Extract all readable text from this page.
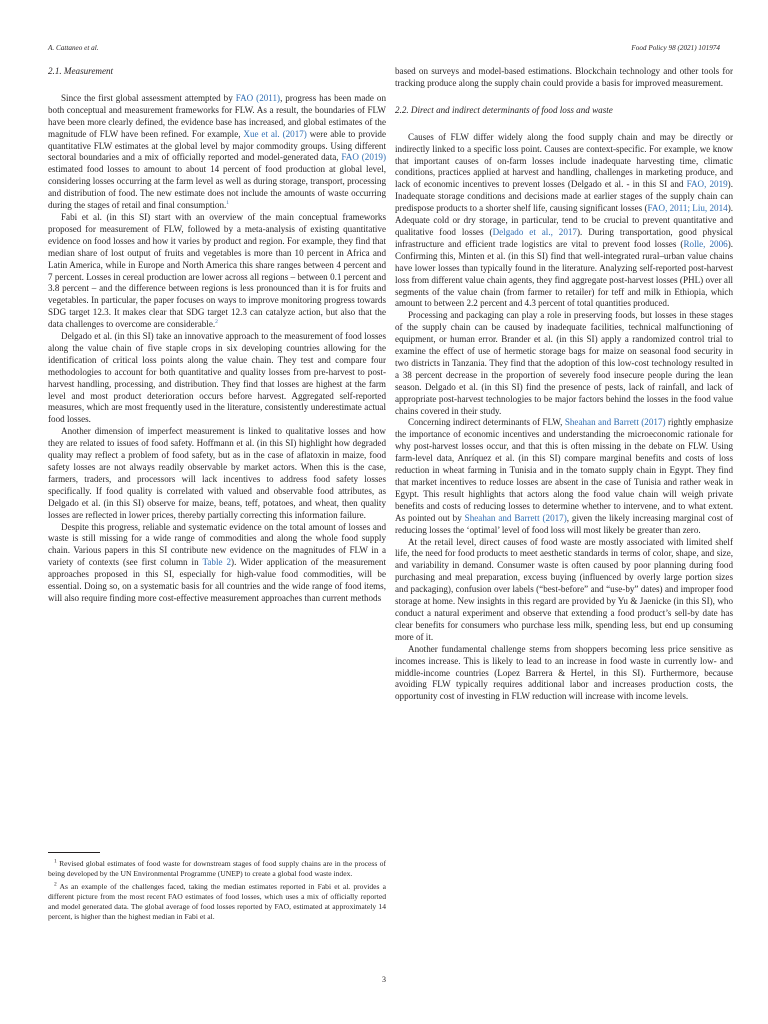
A. Cattaneo et al.	Food Policy 98 (2021) 101974
2.1. Measurement

Since the first global assessment attempted by FAO (2011), progress has been made on both conceptual and measurement frameworks for FLW. As a result, the boundaries of FLW have been more clearly defined, the evidence base has increased, and global estimates of the magnitude of FLW have been refined. For example, Xue et al. (2017) were able to provide quantitative FLW estimates at the global level by major commodity groups. Using different sectoral boundaries and a mix of officially reported and model-generated data, FAO (2019) estimated food losses to amount to about 14 percent of food production at global level, considering losses occurring at the farm level as well as during storage, transport, processing and distribution of food. The new estimate does not include the amounts of waste occurring during the stages of retail and final consumption.$^1$

Fabi et al. (in this SI) start with an overview of the main conceptual frameworks proposed for measurement of FLW, followed by a meta-analysis of existing quantitative evidence on food losses and how it varies by product and region. For example, they find that median share of lost output of fruits and vegetables is more than 10 percent in Africa and Latin America, while in Europe and North America this share ranges between 4 percent and 7 percent. Losses in cereal production are lower across all regions – between 0.1 percent and 3.8 percent – and the difference between regions is less pronounced than it is for fruits and vegetables. In particular, the paper focuses on ways to improve monitoring progress towards SDG target 12.3. It makes clear that SDG target 12.3 can catalyze action, but also that the data challenges to overcome are considerable.$^2$

Delgado et al. (in this SI) take an innovative approach to the measurement of food losses along the value chain of five staple crops in six developing countries allowing for the identification of critical loss points along the value chain. They test and compare four methodologies to account for both quantitative and quality losses from pre-harvest to post-harvest handling, processing, and distribution. They find that losses are highest at the farm level and most product deterioration occurs before harvest. Aggregated self-reported measures, which are most frequently used in the literature, consistently underestimate actual food losses.

Another dimension of imperfect measurement is linked to qualitative losses and how they are related to issues of food safety. Hoffmann et al. (in this SI) highlight how degraded quality may reflect a problem of food safety, but as in the case of aflatoxin in maize, food safety losses are not always readily observable by market actors. When this is the case, farmers, traders, and processors will lack incentives to address food safety losses specifically. If food quality is correlated with valued and observable food attributes, as Delgado et al. (in this SI) observe for maize, beans, teff, potatoes, and wheat, then quality losses are reflected in lower prices, thereby partially correcting this information failure.

Despite this progress, reliable and systematic evidence on the total amount of losses and waste is still missing for a wide range of commodities and along the whole food supply chain. Various papers in this SI contribute new evidence on the magnitudes of FLW in a variety of contexts (see first column in Table 2). Wider application of the measurement approaches proposed in this SI, especially for high-value food commodities, will be essential. Doing so, on a systematic basis for all countries and the wide range of food items, will also require finding more cost-effective measurement approaches than current methods

$^1$ Revised global estimates of food waste for downstream stages of food supply chains are in the process of being developed by the UN Environmental Programme (UNEP) to create a global food waste index.

$^2$ As an example of the challenges faced, taking the median estimates reported in Fabi et al. provides a different picture from the most recent FAO estimates of food losses, which uses a mix of officially reported and model generated data. The global average of food losses reported by FAO, estimated at approximately 14 percent, is higher than the highest median in Fabi et al.

based on surveys and model-based estimations. Blockchain technology and other tools for tracking produce along the supply chain could provide a basis for improved measurement.

2.2. Direct and indirect determinants of food loss and waste

Causes of FLW differ widely along the food supply chain and may be directly or indirectly linked to a specific loss point. Causes are context-specific. For example, we know that important causes of on-farm losses include inadequate harvesting time, climatic conditions, practices applied at harvest and handling, challenges in marketing produce, and lack of economic incentives to prevent losses (Delgado et al. - in this SI and FAO, 2019). Inadequate storage conditions and decisions made at earlier stages of the supply chain can predispose products to a shorter shelf life, causing significant losses (FAO, 2011; Liu, 2014). Adequate cold or dry storage, in particular, tend to be crucial to prevent quantitative and qualitative food losses (Delgado et al., 2017). During transportation, good physical infrastructure and efficient trade logistics are vital to prevent food losses (Rolle, 2006). Confirming this, Minten et al. (in this SI) find that well-integrated rural–urban value chains have lower losses than typically found in the literature. Analyzing self-reported post-harvest loss from different value chain agents, they find aggregate post-harvest losses (PHL) over all segments of the value chain (from farmer to retailer) for teff and milk in Ethiopia, which amount to between 2.2 percent and 4.3 percent of total quantities produced.

Processing and packaging can play a role in preserving foods, but losses in these stages of the supply chain can be caused by inadequate facilities, technical malfunctioning of equipment, or human error. Brander et al. (in this SI) apply a randomized control trial to examine the effect of use of hermetic storage bags for maize on seasonal food security in two districts in Tanzania. They find that the adoption of this low-cost technology resulted in a 38 percent decrease in the proportion of severely food insecure people during the lean season. Delgado et al. (in this SI) find the presence of pests, lack of rainfall, and lack of appropriate post-harvest technologies to be major factors behind the losses in the food value chains covered in their study.

Concerning indirect determinants of FLW, Sheahan and Barrett (2017) rightly emphasize the importance of economic incentives and understanding the microeconomic rationale for why post-harvest losses occur, and that this is often missing in the debate on FLW. Using farm-level data, Anríquez et al. (in this SI) compare marginal benefits and costs of loss reduction in wheat farming in Tunisia and in the tomato supply chain in Egypt. They find that market incentives to reduce losses are absent in the case of Tunisia and rather weak in Egypt. This result highlights that actors along the food value chain will weigh private benefits and costs of reducing losses to determine whether to intervene, and to what extent. As pointed out by Sheahan and Barrett (2017), given the likely increasing marginal cost of reducing losses the ‘optimal’ level of food loss will most likely be greater than zero.

At the retail level, direct causes of food waste are mostly associated with limited shelf life, the need for food products to meet aesthetic standards in terms of color, shape, and size, and variability in demand. Consumer waste is often caused by poor planning during food purchasing and meal preparation, excess buying (influenced by overly large portion sizes and packaging), confusion over labels (“best-before” and “use-by” dates) and improper food storage at home. New insights in this regard are provided by Yu & Jaenicke (in this SI), who conduct a natural experiment and observe that extending a food product’s sell-by date has clear benefits for consumers who purchase less milk, spending less, but end up consuming more of it.

Another fundamental challenge stems from shoppers becoming less price sensitive as incomes increase. This is likely to lead to an increase in food waste in currently low- and middle-income countries (Lopez Barrera & Hertel, in this SI). Furthermore, because avoiding FLW typically requires additional labor and increases production costs, the opportunity cost of investing in FLW reduction will increase with income levels.

3
